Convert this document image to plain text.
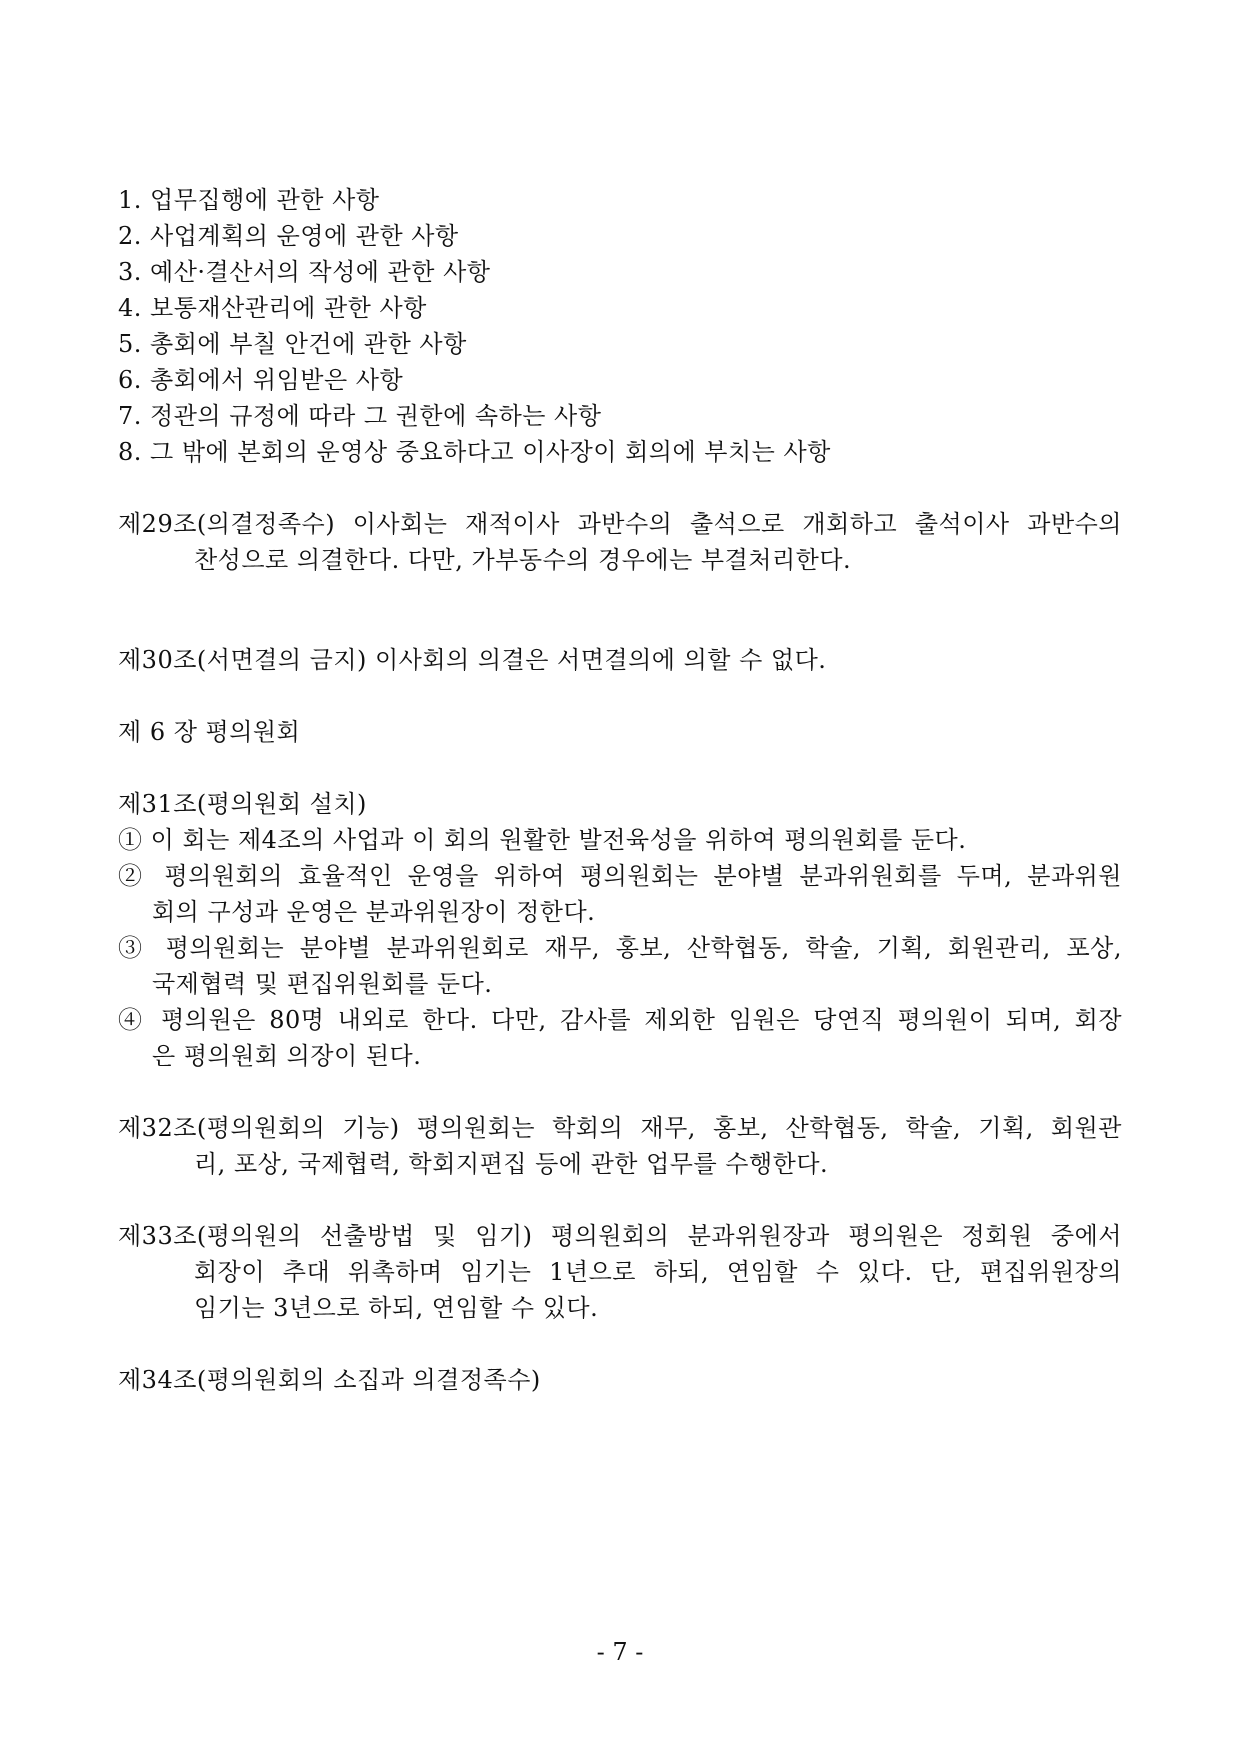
1. 업무집행에 관한 사항
2. 사업계획의 운영에 관한 사항
3. 예산·결산서의 작성에 관한 사항
4. 보통재산관리에 관한 사항
5. 총회에 부칠 안건에 관한 사항
6. 총회에서 위임받은 사항
7. 정관의 규정에 따라 그 권한에 속하는 사항
8. 그 밖에 본회의 운영상 중요하다고 이사장이 회의에 부치는 사항
제29조(의결정족수) 이사회는 재적이사 과반수의 출석으로 개회하고 출석이사 과반수의
찬성으로 의결한다. 다만, 가부동수의 경우에는 부결처리한다.
제30조(서면결의 금지) 이사회의 의결은 서면결의에 의할 수 없다.
제 6 장 평의원회
제31조(평의원회 설치)
① 이 회는 제4조의 사업과 이 회의 원활한 발전육성을 위하여 평의원회를 둔다.
② 평의원회의 효율적인 운영을 위하여 평의원회는 분야별 분과위원회를 두며, 분과위원
회의 구성과 운영은 분과위원장이 정한다.
③ 평의원회는 분야별 분과위원회로 재무, 홍보, 산학협동, 학술, 기획, 회원관리, 포상,
국제협력 및 편집위원회를 둔다.
④ 평의원은 80명 내외로 한다. 다만, 감사를 제외한 임원은 당연직 평의원이 되며, 회장
은 평의원회 의장이 된다.
제32조(평의원회의 기능) 평의원회는 학회의 재무, 홍보, 산학협동, 학술, 기획, 회원관
리, 포상, 국제협력, 학회지편집 등에 관한 업무를 수행한다.
제33조(평의원의 선출방법 및 임기) 평의원회의 분과위원장과 평의원은 정회원 중에서
회장이 추대 위촉하며 임기는 1년으로 하되, 연임할 수 있다. 단, 편집위원장의
임기는 3년으로 하되, 연임할 수 있다.
제34조(평의원회의 소집과 의결정족수)
- 7 -
